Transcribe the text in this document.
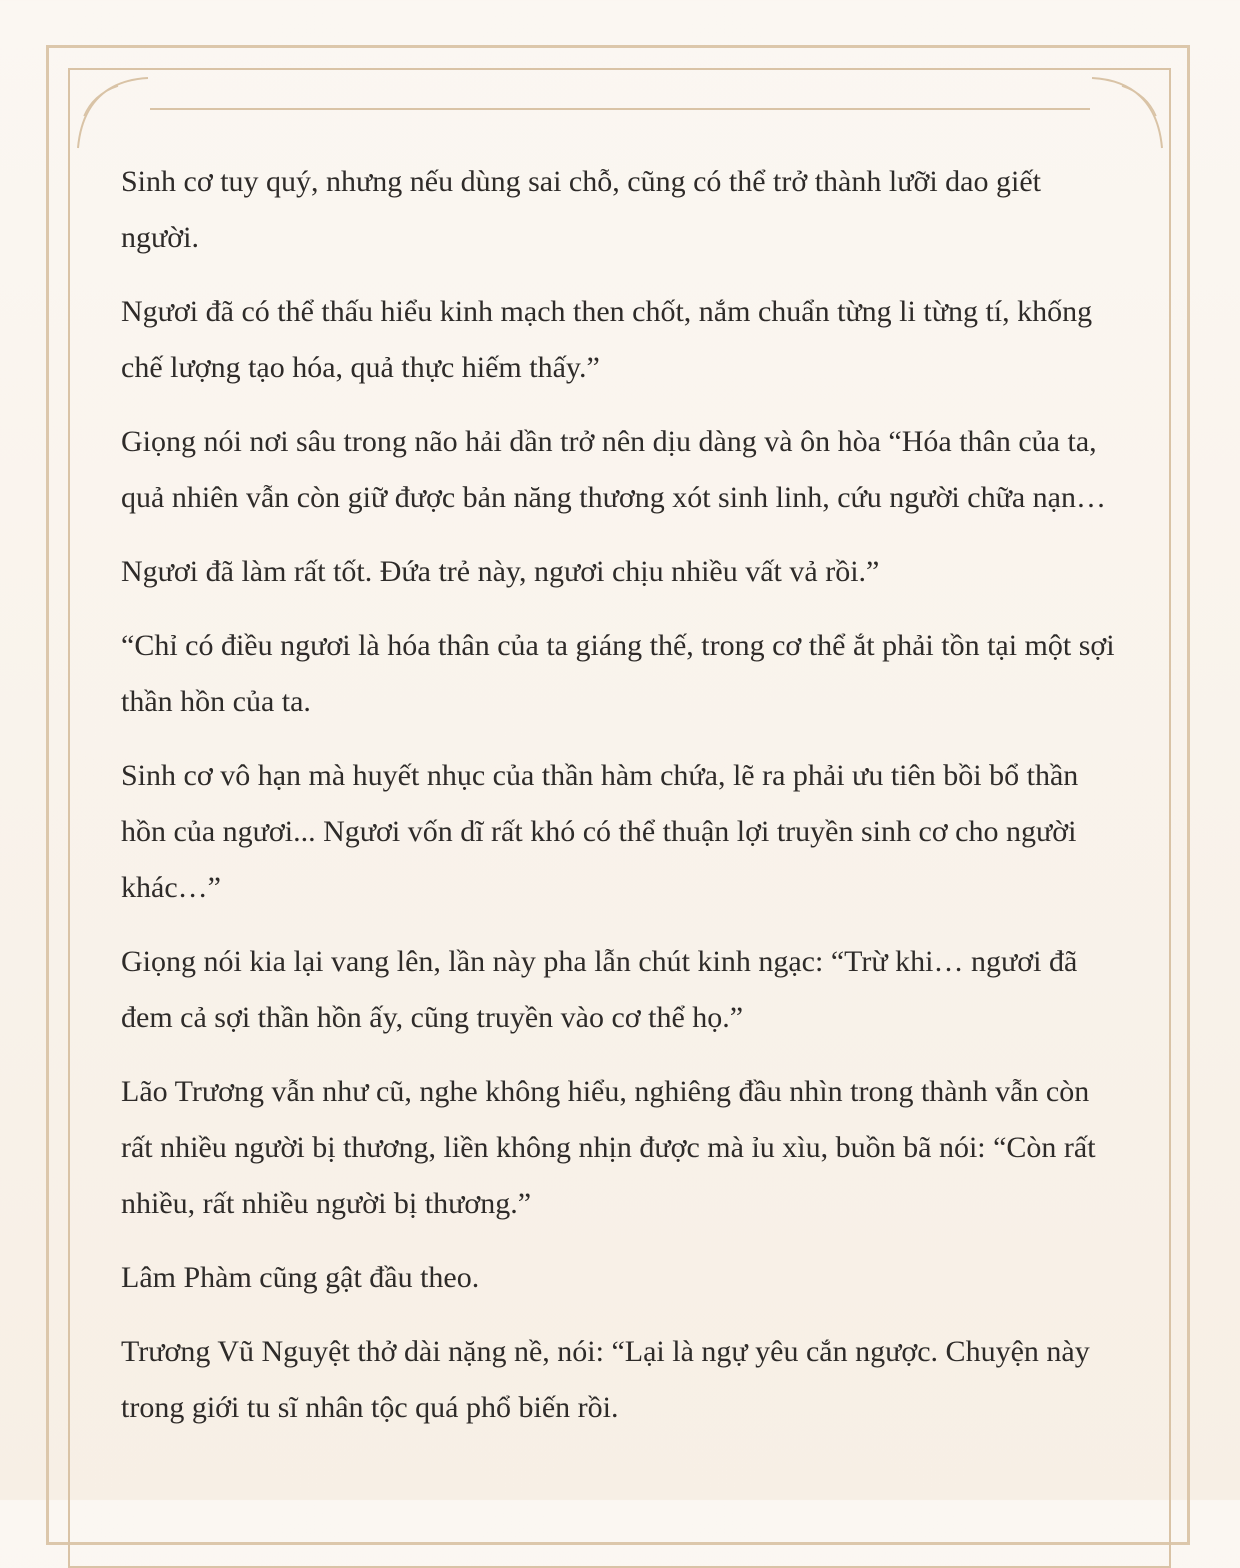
Sinh cơ tuy quý, nhưng nếu dùng sai chỗ, cũng có thể trở thành lưỡi dao giết người.

Ngươi đã có thể thấu hiểu kinh mạch then chốt, nắm chuẩn từng li từng tí, khống chế lượng tạo hóa, quả thực hiếm thấy.”

Giọng nói nơi sâu trong não hải dần trở nên dịu dàng và ôn hòa “Hóa thân của ta, quả nhiên vẫn còn giữ được bản năng thương xót sinh linh, cứu người chữa nạn…

Ngươi đã làm rất tốt. Đứa trẻ này, ngươi chịu nhiều vất vả rồi.”

“Chỉ có điều ngươi là hóa thân của ta giáng thế, trong cơ thể ắt phải tồn tại một sợi thần hồn của ta.

Sinh cơ vô hạn mà huyết nhục của thần hàm chứa, lẽ ra phải ưu tiên bồi bổ thần hồn của ngươi... Ngươi vốn dĩ rất khó có thể thuận lợi truyền sinh cơ cho người khác…”

Giọng nói kia lại vang lên, lần này pha lẫn chút kinh ngạc: “Trừ khi… ngươi đã đem cả sợi thần hồn ấy, cũng truyền vào cơ thể họ.”

Lão Trương vẫn như cũ, nghe không hiểu, nghiêng đầu nhìn trong thành vẫn còn rất nhiều người bị thương, liền không nhịn được mà ỉu xìu, buồn bã nói: “Còn rất nhiều, rất nhiều người bị thương.”

Lâm Phàm cũng gật đầu theo.

Trương Vũ Nguyệt thở dài nặng nề, nói: “Lại là ngự yêu cắn ngược. Chuyện này trong giới tu sĩ nhân tộc quá phổ biến rồi.
